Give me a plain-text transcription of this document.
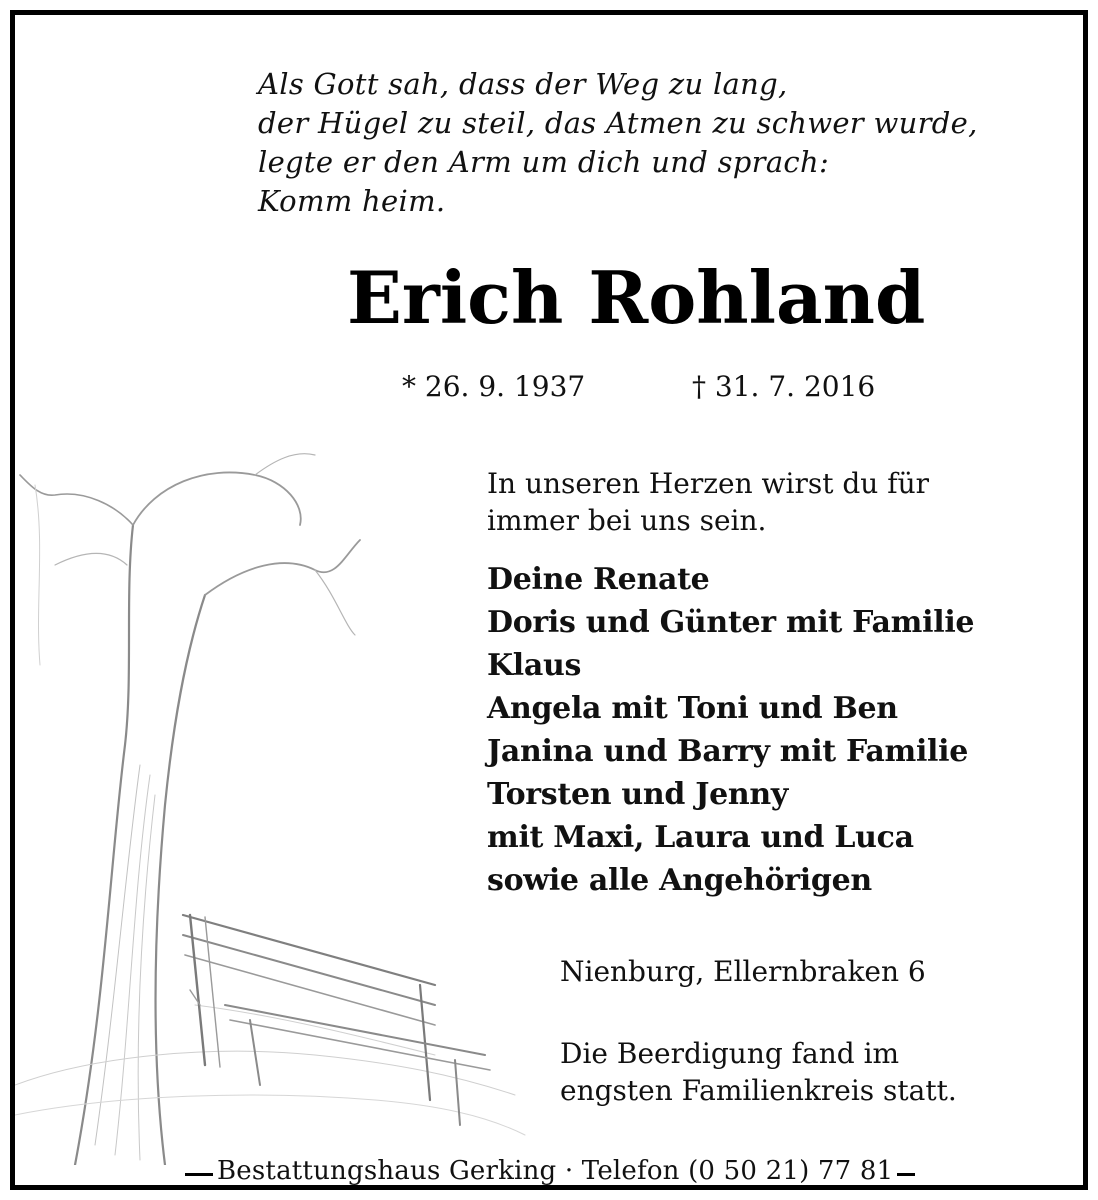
Als Gott sah, dass der Weg zu lang,
der Hügel zu steil, das Atmen zu schwer wurde,
legte er den Arm um dich und sprach:
Komm heim.
Erich Rohland
* 26. 9. 1937	† 31. 7. 2016
In unseren Herzen wirst du für
immer bei uns sein.
Deine Renate
Doris und Günter mit Familie
Klaus
Angela mit Toni und Ben
Janina und Barry mit Familie
Torsten und Jenny
mit Maxi, Laura und Luca
sowie alle Angehörigen
Nienburg, Ellernbraken 6
Die Beerdigung fand im
engsten Familienkreis statt.
Bestattungshaus Gerking · Telefon (0 50 21) 77 81
